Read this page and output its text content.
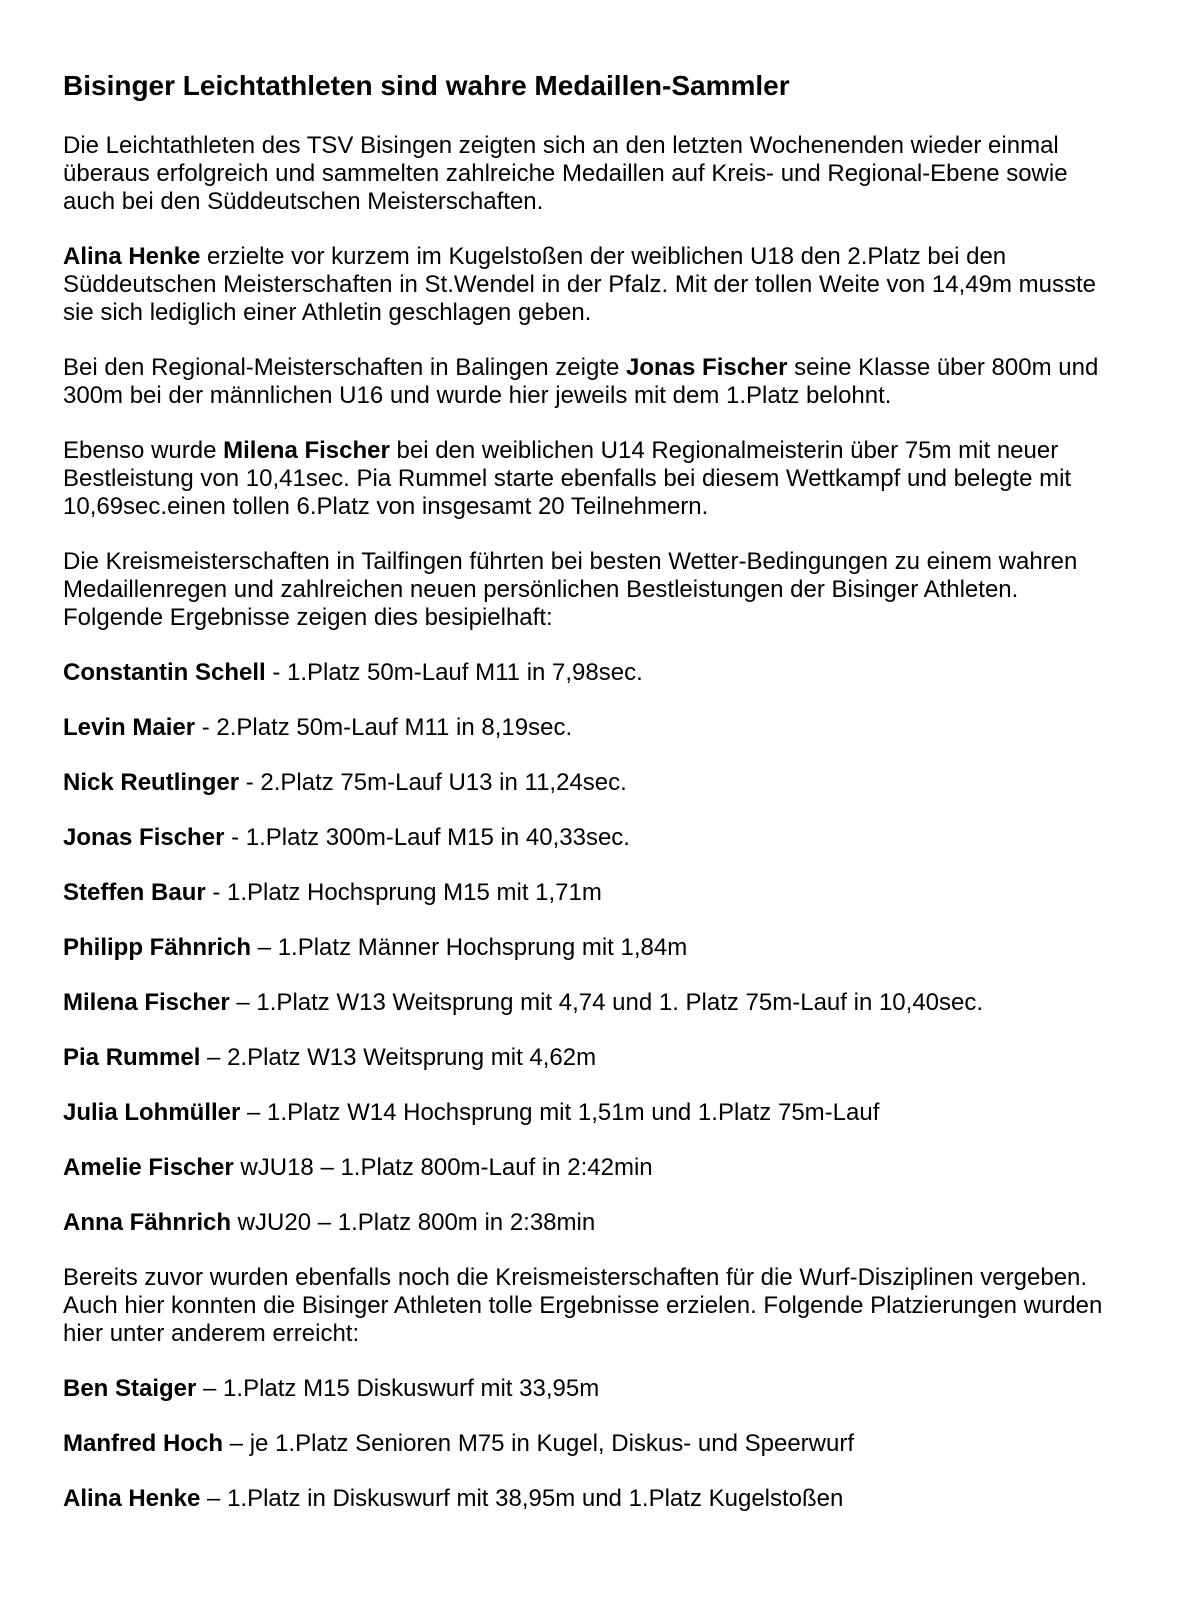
Bisinger Leichtathleten sind wahre Medaillen-Sammler

Die Leichtathleten des TSV Bisingen zeigten sich an den letzten Wochenenden wieder einmal überaus erfolgreich und sammelten zahlreiche Medaillen auf Kreis- und Regional-Ebene sowie auch bei den Süddeutschen Meisterschaften.

Alina Henke erzielte vor kurzem im Kugelstoßen der weiblichen U18 den 2.Platz bei den Süddeutschen Meisterschaften in St.Wendel in der Pfalz. Mit der tollen Weite von 14,49m musste sie sich lediglich einer Athletin geschlagen geben.

Bei den Regional-Meisterschaften in Balingen zeigte Jonas Fischer seine Klasse über 800m und 300m bei der männlichen U16 und wurde hier jeweils mit dem 1.Platz belohnt.

Ebenso wurde Milena Fischer bei den weiblichen U14 Regionalmeisterin über 75m mit neuer Bestleistung von 10,41sec. Pia Rummel starte ebenfalls bei diesem Wettkampf und belegte mit 10,69sec.einen tollen 6.Platz von insgesamt 20 Teilnehmern.

Die Kreismeisterschaften in Tailfingen führten bei besten Wetter-Bedingungen zu einem wahren Medaillenregen und zahlreichen neuen persönlichen Bestleistungen der Bisinger Athleten. Folgende Ergebnisse zeigen dies besipielhaft:

Constantin Schell - 1.Platz 50m-Lauf M11 in 7,98sec.

Levin Maier - 2.Platz 50m-Lauf M11 in 8,19sec.

Nick Reutlinger - 2.Platz 75m-Lauf U13 in 11,24sec.

Jonas Fischer - 1.Platz 300m-Lauf M15 in 40,33sec.

Steffen Baur - 1.Platz Hochsprung M15 mit 1,71m

Philipp Fähnrich – 1.Platz Männer Hochsprung mit 1,84m

Milena Fischer – 1.Platz W13 Weitsprung mit 4,74 und 1. Platz 75m-Lauf in 10,40sec.

Pia Rummel – 2.Platz W13 Weitsprung mit 4,62m

Julia Lohmüller – 1.Platz W14 Hochsprung mit 1,51m und 1.Platz 75m-Lauf

Amelie Fischer wJU18 – 1.Platz 800m-Lauf in 2:42min

Anna Fähnrich wJU20 – 1.Platz 800m in 2:38min

Bereits zuvor wurden ebenfalls noch die Kreismeisterschaften für die Wurf-Disziplinen vergeben. Auch hier konnten die Bisinger Athleten tolle Ergebnisse erzielen. Folgende Platzierungen wurden hier unter anderem erreicht:

Ben Staiger – 1.Platz M15 Diskuswurf mit 33,95m

Manfred Hoch – je 1.Platz Senioren M75 in Kugel, Diskus- und Speerwurf

Alina Henke – 1.Platz in Diskuswurf mit 38,95m und 1.Platz Kugelstoßen
